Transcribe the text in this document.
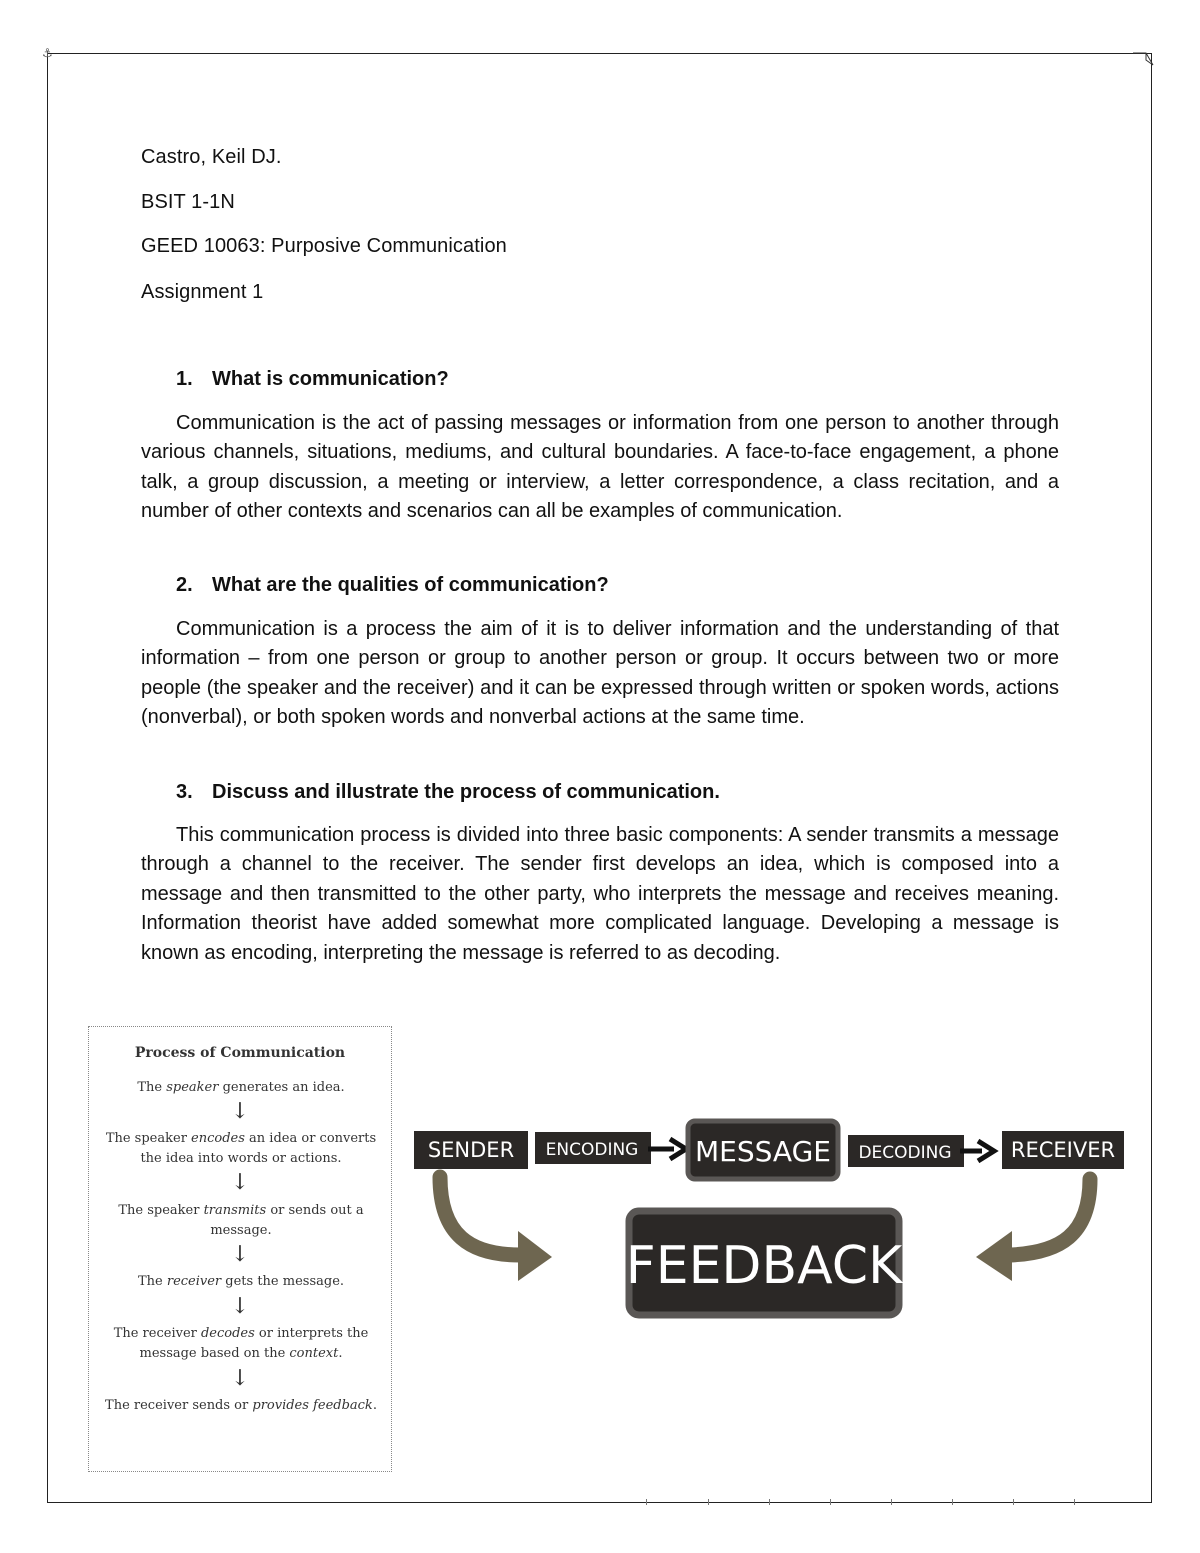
⚓
Castro, Keil DJ.
BSIT 1-1N
GEED 10063: Purposive Communication
Assignment 1
1. What is communication?

Communication is the act of passing messages or information from one person to another through various channels, situations, mediums, and cultural boundaries. A face-to-face engagement, a phone talk, a group discussion, a meeting or interview, a letter correspondence, a class recitation, and a number of other contexts and scenarios can all be examples of communication.

2. What are the qualities of communication?

Communication is a process the aim of it is to deliver information and the understanding of that information – from one person or group to another person or group. It occurs between two or more people (the speaker and the receiver) and it can be expressed through written or spoken words, actions (nonverbal), or both spoken words and nonverbal actions at the same time.

3. Discuss and illustrate the process of communication.

This communication process is divided into three basic components: A sender transmits a message through a channel to the receiver. The sender first develops an idea, which is composed into a message and then transmitted to the other party, who interprets the message and receives meaning. Information theorist have added somewhat more complicated language. Developing a message is known as encoding, interpreting the message is referred to as decoding.

Process of Communication
The speaker generates an idea.
↓
The speaker encodes an idea or converts the idea into words or actions.
↓
The speaker transmits or sends out a message.
↓
The receiver gets the message.
↓
The receiver decodes or interprets the message based on the context.
↓
The receiver sends or provides feedback.
SENDER ENCODING MESSAGE DECODING	RECEIVER
FEEDBACK
